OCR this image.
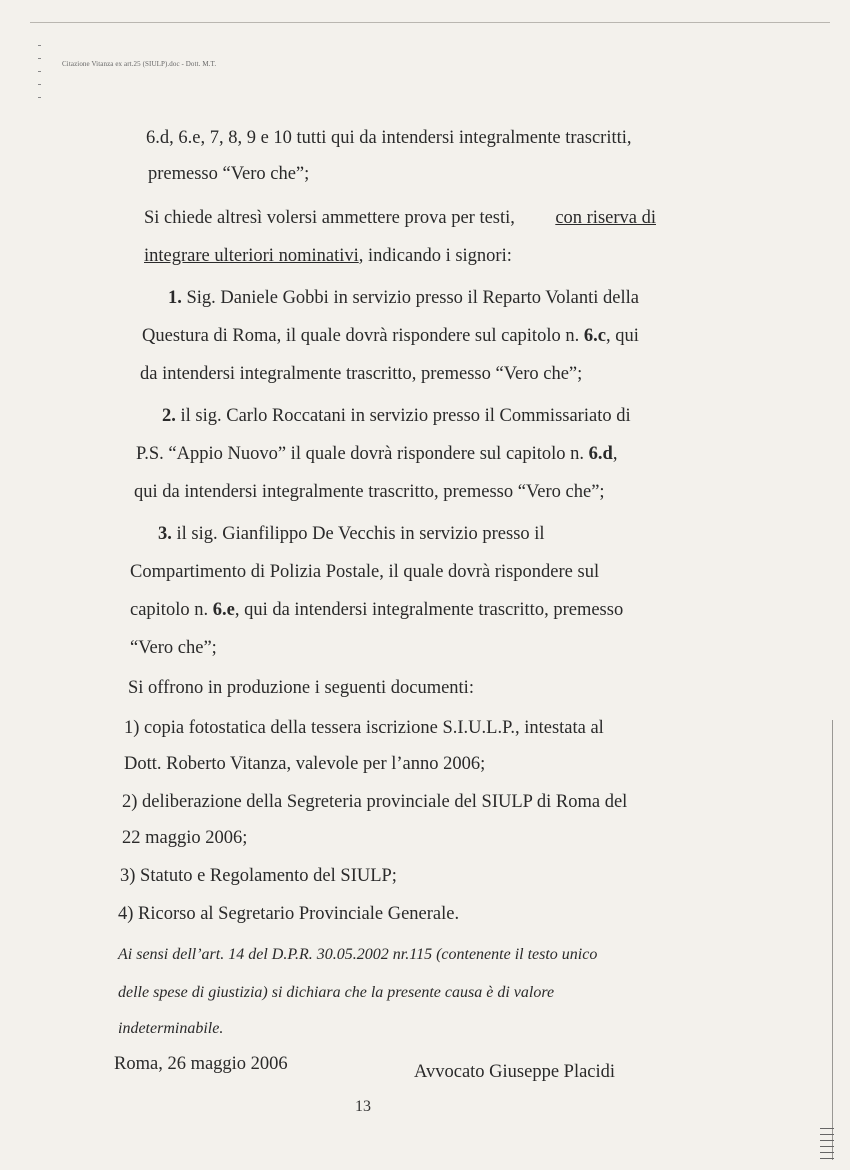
Citazione Vitanza ex art.25 (SIULP).doc - Dott. M.T.
6.d, 6.e, 7, 8, 9 e 10 tutti qui da intendersi integralmente trascritti,
premesso “Vero che”;
Si chiede altresì volersi ammettere prova per testi, con riserva di
integrare ulteriori nominativi, indicando i signori:
1. Sig. Daniele Gobbi in servizio presso il Reparto Volanti della
Questura di Roma, il quale dovrà rispondere sul capitolo n. 6.c, qui
da intendersi integralmente trascritto, premesso “Vero che”;
2. il sig. Carlo Roccatani in servizio presso il Commissariato di
P.S. “Appio Nuovo” il quale dovrà rispondere sul capitolo n. 6.d,
qui da intendersi integralmente trascritto, premesso “Vero che”;
3. il sig. Gianfilippo De Vecchis in servizio presso il
Compartimento di Polizia Postale, il quale dovrà rispondere sul
capitolo n. 6.e, qui da intendersi integralmente trascritto, premesso
“Vero che”;
Si offrono in produzione i seguenti documenti:
1) copia fotostatica della tessera iscrizione S.I.U.L.P., intestata al
Dott. Roberto Vitanza, valevole per l’anno 2006;
2) deliberazione della Segreteria provinciale del SIULP di Roma del
22 maggio 2006;
3) Statuto e Regolamento del SIULP;
4) Ricorso al Segretario Provinciale Generale.
Ai sensi dell’art. 14 del D.P.R. 30.05.2002 nr.115 (contenente il testo unico
delle spese di giustizia) si dichiara che la presente causa è di valore
indeterminabile.
Roma, 26 maggio 2006	Avvocato Giuseppe Placidi
13
